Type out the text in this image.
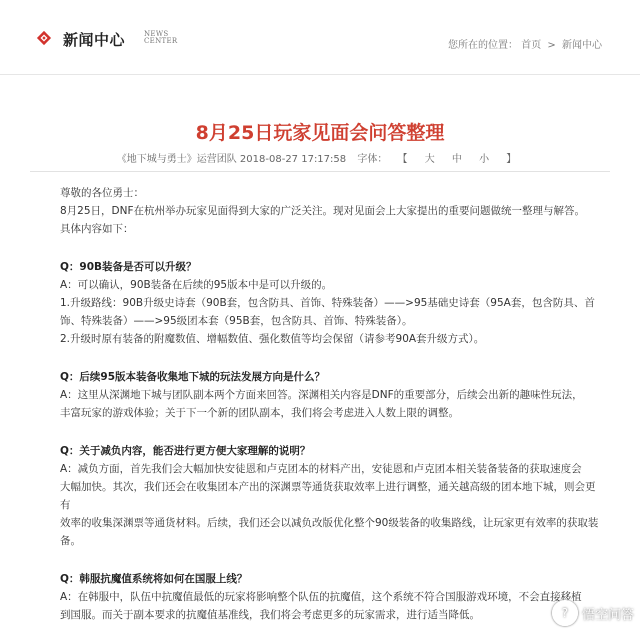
新闻中心	NEWS
CENTER	您所在的位置： 首页 > 新闻中心
8月25日玩家见面会问答整理
《地下城与勇士》运营团队 2018-08-27 17:17:58 字体： 【 大 中 小 】

尊敬的各位勇士：

8月25日，DNF在杭州举办玩家见面得到大家的广泛关注。现对见面会上大家提出的重要问题做统一整理与解答。

具体内容如下：

Q：90B装备是否可以升级？

A：可以确认，90B装备在后续的95版本中是可以升级的。

1.升级路线：90B升级史诗套（90B套，包含防具、首饰、特殊装备）——>95基础史诗套（95A套，包含防具、首

饰、特殊装备）——>95级团本套（95B套，包含防具、首饰、特殊装备）。

2.升级时原有装备的附魔数值、增幅数值、强化数值等均会保留（请参考90A套升级方式）。

Q：后续95版本装备收集地下城的玩法发展方向是什么？

A：这里从深渊地下城与团队副本两个方面来回答。深渊相关内容是DNF的重要部分，后续会出新的趣味性玩法，

丰富玩家的游戏体验；关于下一个新的团队副本，我们将会考虑进入人数上限的调整。

Q：关于减负内容，能否进行更方便大家理解的说明？

A：减负方面，首先我们会大幅加快安徒恩和卢克团本的材料产出，安徒恩和卢克团本相关装备装备的获取速度会

大幅加快。其次，我们还会在收集团本产出的深渊票等通货获取效率上进行调整，通关越高级的团本地下城，则会更有

效率的收集深渊票等通货材料。后续，我们还会以减负改版优化整个90级装备的收集路线，让玩家更有效率的获取装

备。

Q：韩服抗魔值系统将如何在国服上线？

A：在韩服中，队伍中抗魔值最低的玩家将影响整个队伍的抗魔值，这个系统不符合国服游戏环境，不会直接移植

到国服。而关于副本要求的抗魔值基准线，我们将会考虑更多的玩家需求，进行适当降低。	?	悟空问答
